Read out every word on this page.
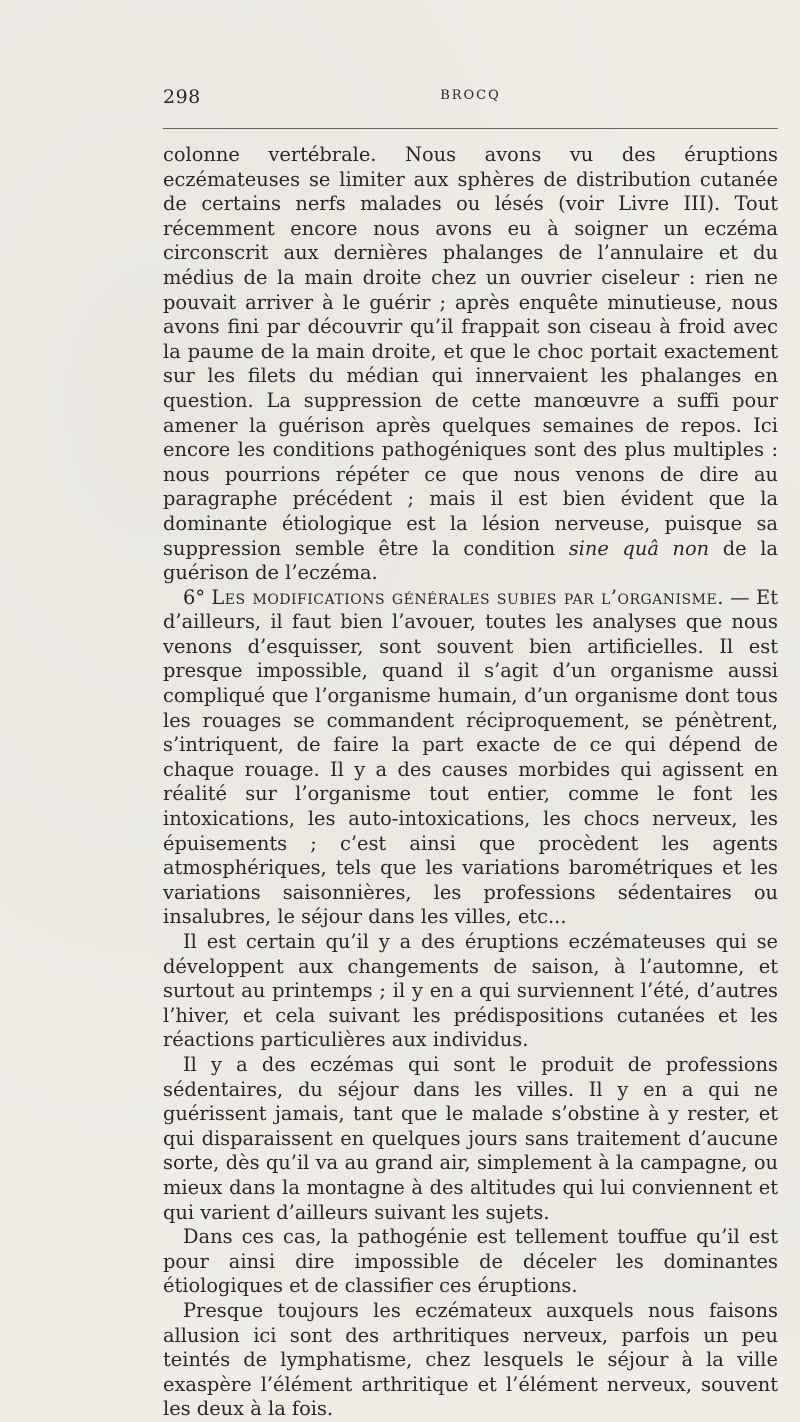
298	BROCQ

colonne vertébrale. Nous avons vu des éruptions eczémateuses se limiter aux sphères de distribution cutanée de certains nerfs malades ou lésés (voir Livre III). Tout récemment encore nous avons eu à soigner un eczéma circonscrit aux dernières phalanges de l’annulaire et du médius de la main droite chez un ouvrier ciseleur : rien ne pouvait arriver à le guérir ; après enquête minutieuse, nous avons fini par découvrir qu’il frappait son ciseau à froid avec la paume de la main droite, et que le choc portait exactement sur les filets du médian qui innervaient les phalanges en question. La suppression de cette manœuvre a suffi pour amener la guérison après quelques semaines de repos. Ici encore les conditions pathogéniques sont des plus multiples : nous pourrions répéter ce que nous venons de dire au paragraphe précédent ; mais il est bien évident que la dominante étiologique est la lésion nerveuse, puisque sa suppression semble être la condition sine quâ non de la guérison de l’eczéma.

6° Les modifications générales subies par l’organisme. — Et d’ailleurs, il faut bien l’avouer, toutes les analyses que nous venons d’esquisser, sont souvent bien artificielles. Il est presque impossible, quand il s’agit d’un organisme aussi compliqué que l’organisme humain, d’un organisme dont tous les rouages se commandent réciproquement, se pénètrent, s’intriquent, de faire la part exacte de ce qui dépend de chaque rouage. Il y a des causes morbides qui agissent en réalité sur l’organisme tout entier, comme le font les intoxications, les auto-intoxications, les chocs nerveux, les épuisements ; c’est ainsi que procèdent les agents atmosphériques, tels que les variations barométriques et les variations saisonnières, les professions sédentaires ou insalubres, le séjour dans les villes, etc...

Il est certain qu’il y a des éruptions eczémateuses qui se développent aux changements de saison, à l’automne, et surtout au printemps ; il y en a qui surviennent l’été, d’autres l’hiver, et cela suivant les prédispositions cutanées et les réactions particulières aux individus.

Il y a des eczémas qui sont le produit de professions sédentaires, du séjour dans les villes. Il y en a qui ne guérissent jamais, tant que le malade s’obstine à y rester, et qui disparaissent en quelques jours sans traitement d’aucune sorte, dès qu’il va au grand air, simplement à la campagne, ou mieux dans la montagne à des altitudes qui lui conviennent et qui varient d’ailleurs suivant les sujets.

Dans ces cas, la pathogénie est tellement touffue qu’il est pour ainsi dire impossible de déceler les dominantes étiologiques et de classifier ces éruptions.

Presque toujours les eczémateux auxquels nous faisons allusion ici sont des arthritiques nerveux, parfois un peu teintés de lymphatisme, chez lesquels le séjour à la ville exaspère l’élément arthritique et l’élément nerveux, souvent les deux à la fois.
